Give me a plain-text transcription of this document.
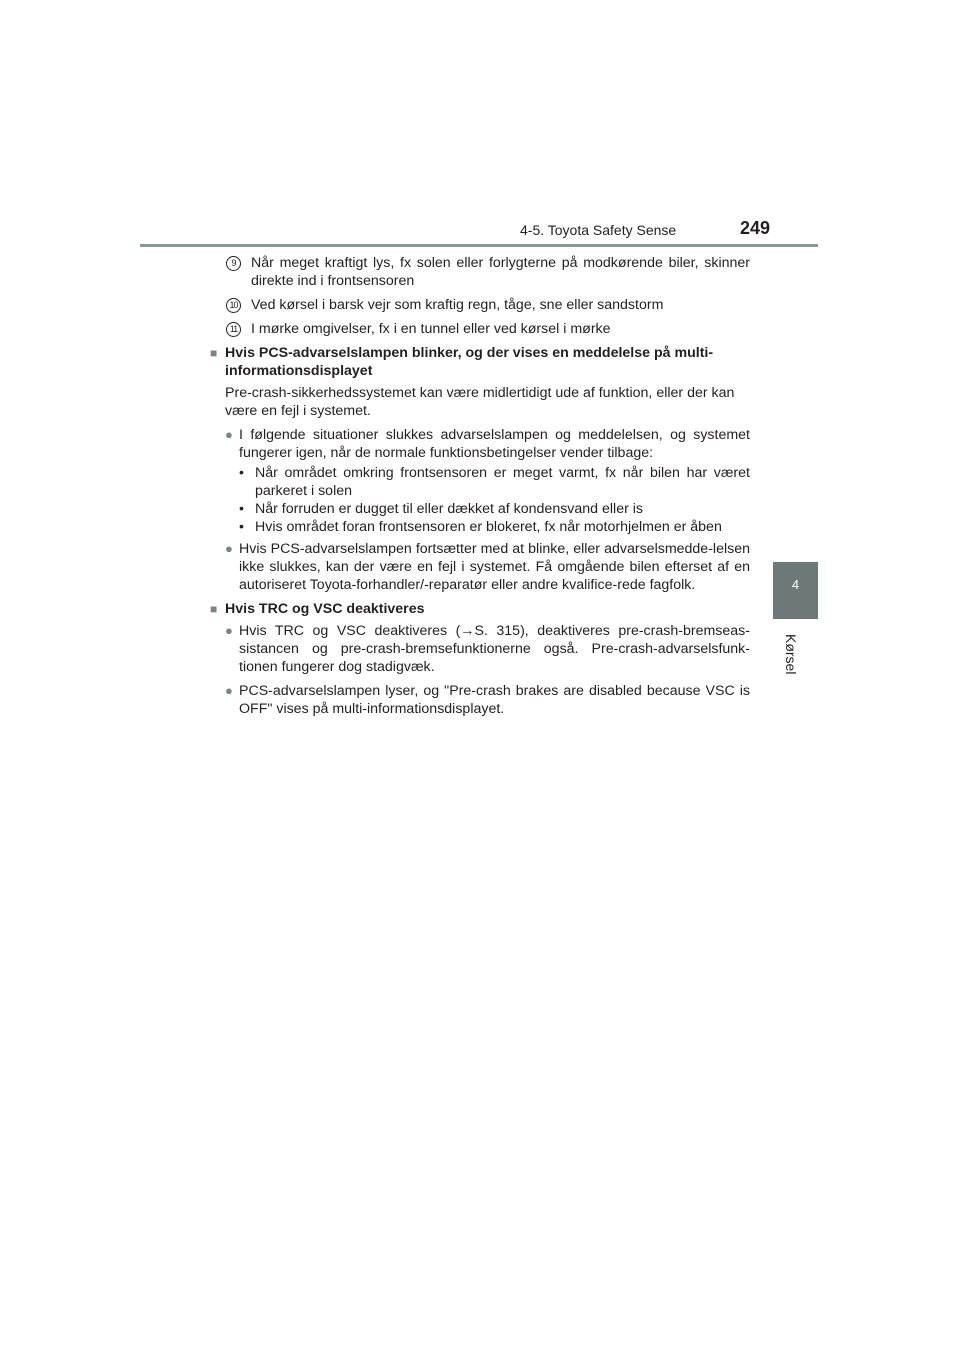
4-5. Toyota Safety Sense	249
4
Kørsel
9	Når meget kraftigt lys, fx solen eller forlygterne på modkørende biler, skinner direkte ind i frontsensoren

10 Ved kørsel i barsk vejr som kraftig regn, tåge, sne eller sandstorm

11 I mørke omgivelser, fx i en tunnel eller ved kørsel i mørke

■ Hvis PCS-advarselslampen blinker, og der vises en meddelelse på multi-informationsdisplayet

Pre-crash-sikkerhedssystemet kan være midlertidigt ude af funktion, eller der kan være en fejl i systemet.

● I følgende situationer slukkes advarselslampen og meddelelsen, og systemet fungerer igen, når de normale funktionsbetingelser vender tilbage:

• Når området omkring frontsensoren er meget varmt, fx når bilen har været parkeret i solen

• Når forruden er dugget til eller dækket af kondensvand eller is

• Hvis området foran frontsensoren er blokeret, fx når motorhjelmen er åben

● Hvis PCS-advarselslampen fortsætter med at blinke, eller advarselsmedde-lelsen ikke slukkes, kan der være en fejl i systemet. Få omgående bilen efterset af en autoriseret Toyota-forhandler/-reparatør eller andre kvalifice-rede fagfolk.

■ Hvis TRC og VSC deaktiveres

● Hvis TRC og VSC deaktiveres (→S. 315), deaktiveres pre-crash-bremseas-sistancen og pre-crash-bremsefunktionerne også. Pre-crash-advarselsfunk-tionen fungerer dog stadigvæk.

● PCS-advarselslampen lyser, og "Pre-crash brakes are disabled because VSC is OFF" vises på multi-informationsdisplayet.
